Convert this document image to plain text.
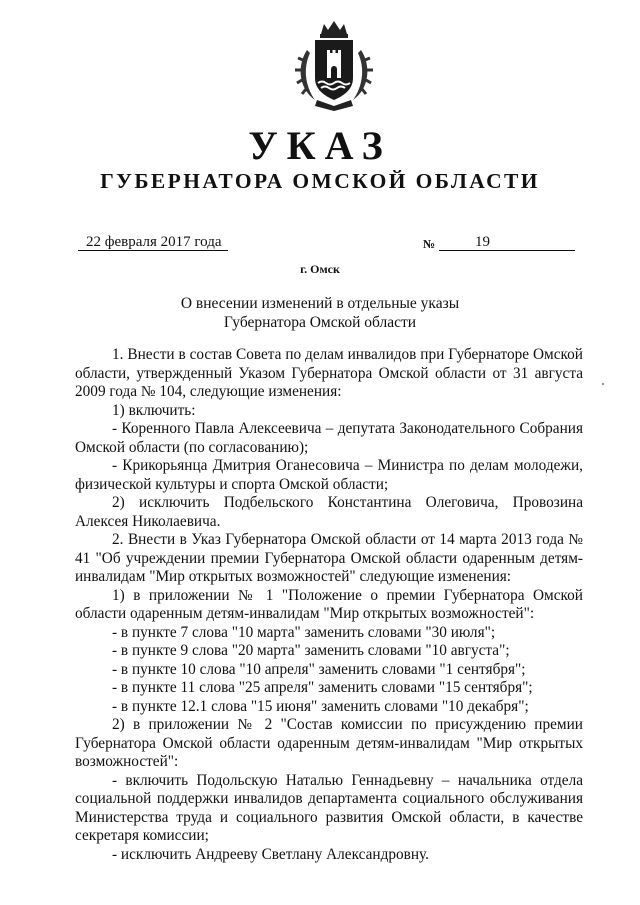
УКАЗ
ГУБЕРНАТОРА ОМСКОЙ ОБЛАСТИ
22 февраля 2017 года	№	19
г. Омск
О внесении изменений в отдельные указы
Губернатора Омской области

1. Внести в состав Совета по делам инвалидов при Губернаторе Омской области, утвержденный Указом Губернатора Омской области от 31 августа 2009 года № 104, следующие изменения:

1) включить:

- Коренного Павла Алексеевича – депутата Законодательного Собрания Омской области (по согласованию);

- Крикорьянца Дмитрия Оганесовича – Министра по делам молодежи, физической культуры и спорта Омской области;

2) исключить Подбельского Константина Олеговича, Провозина Алексея Николаевича.

2. Внести в Указ Губернатора Омской области от 14 марта 2013 года № 41 "Об учреждении премии Губернатора Омской области одаренным детям-инвалидам "Мир открытых возможностей" следующие изменения:

1) в приложении № 1 "Положение о премии Губернатора Омской области одаренным детям-инвалидам "Мир открытых возможностей":

- в пункте 7 слова "10 марта" заменить словами "30 июля";

- в пункте 9 слова "20 марта" заменить словами "10 августа";

- в пункте 10 слова "10 апреля" заменить словами "1 сентября";

- в пункте 11 слова "25 апреля" заменить словами "15 сентября";

- в пункте 12.1 слова "15 июня" заменить словами "10 декабря";

2) в приложении № 2 "Состав комиссии по присуждению премии Губернатора Омской области одаренным детям-инвалидам "Мир открытых возможностей":

- включить Подольскую Наталью Геннадьевну – начальника отдела социальной поддержки инвалидов департамента социального обслуживания Министерства труда и социального развития Омской области, в качестве секретаря комиссии;

- исключить Андрееву Светлану Александровну.
